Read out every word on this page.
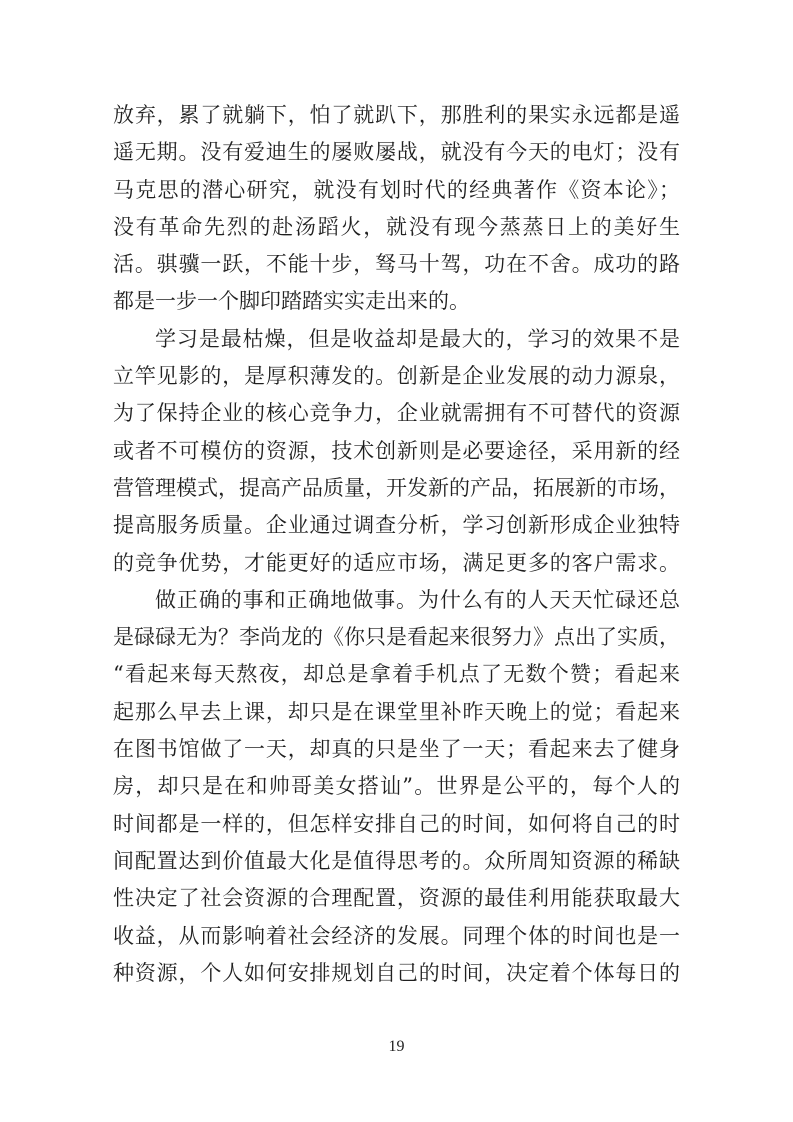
放弃，累了就躺下，怕了就趴下，那胜利的果实永远都是遥
遥无期。没有爱迪生的屡败屡战，就没有今天的电灯；没有
马克思的潜心研究，就没有划时代的经典著作《资本论》；
没有革命先烈的赴汤蹈火，就没有现今蒸蒸日上的美好生
活。骐骥一跃，不能十步，驽马十驾，功在不舍。成功的路
都是一步一个脚印踏踏实实走出来的。
学习是最枯燥，但是收益却是最大的，学习的效果不是
立竿见影的，是厚积薄发的。创新是企业发展的动力源泉，
为了保持企业的核心竞争力，企业就需拥有不可替代的资源
或者不可模仿的资源，技术创新则是必要途径，采用新的经
营管理模式，提高产品质量，开发新的产品，拓展新的市场，
提高服务质量。企业通过调查分析，学习创新形成企业独特
的竞争优势，才能更好的适应市场，满足更多的客户需求。
做正确的事和正确地做事。为什么有的人天天忙碌还总
是碌碌无为？李尚龙的《你只是看起来很努力》点出了实质，
“看起来每天熬夜，却总是拿着手机点了无数个赞；看起来
起那么早去上课，却只是在课堂里补昨天晚上的觉；看起来
在图书馆做了一天，却真的只是坐了一天；看起来去了健身
房，却只是在和帅哥美女搭讪”。世界是公平的，每个人的
时间都是一样的，但怎样安排自己的时间，如何将自己的时
间配置达到价值最大化是值得思考的。众所周知资源的稀缺
性决定了社会资源的合理配置，资源的最佳利用能获取最大
收益，从而影响着社会经济的发展。同理个体的时间也是一
种资源，个人如何安排规划自己的时间，决定着个体每日的
19
